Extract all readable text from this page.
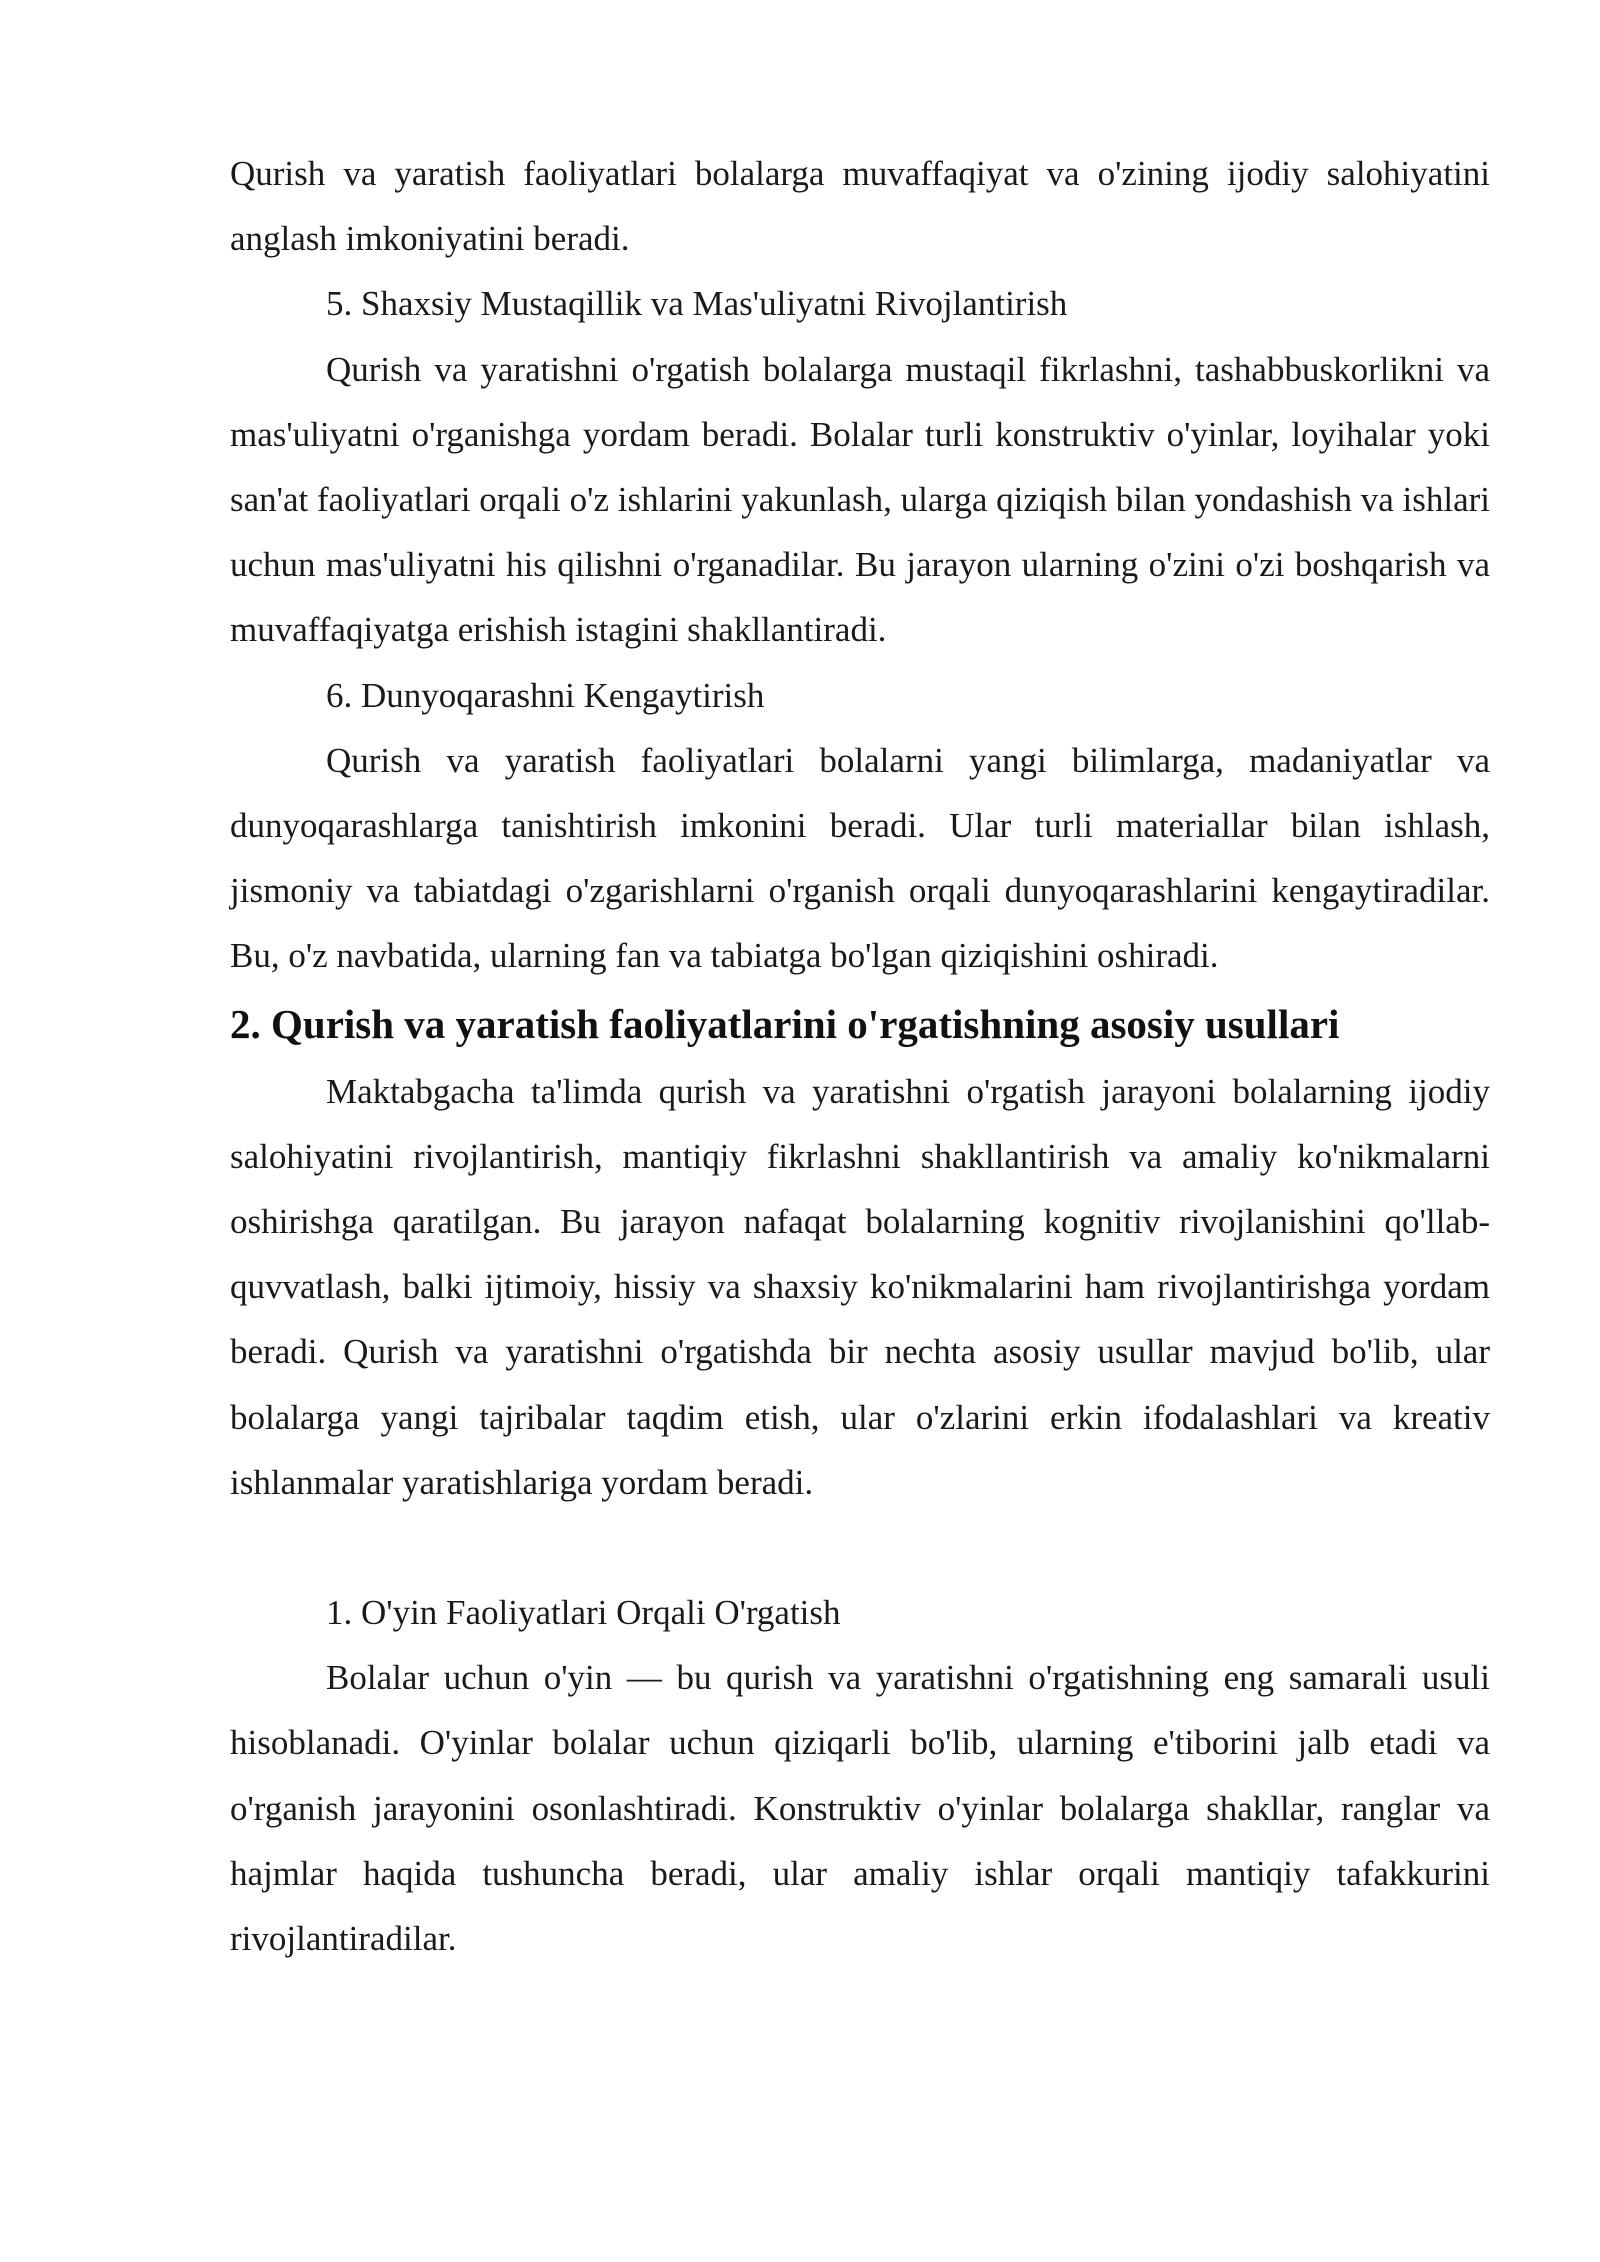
Qurish va yaratish faoliyatlari bolalarga muvaffaqiyat va o'zining ijodiy salohiyatini anglash imkoniyatini beradi.

5. Shaxsiy Mustaqillik va Mas'uliyatni Rivojlantirish

Qurish va yaratishni o'rgatish bolalarga mustaqil fikrlashni, tashabbuskorlikni va mas'uliyatni o'rganishga yordam beradi. Bolalar turli konstruktiv o'yinlar, loyihalar yoki san'at faoliyatlari orqali o'z ishlarini yakunlash, ularga qiziqish bilan yondashish va ishlari uchun mas'uliyatni his qilishni o'rganadilar. Bu jarayon ularning o'zini o'zi boshqarish va muvaffaqiyatga erishish istagini shakllantiradi.

6. Dunyoqarashni Kengaytirish

Qurish va yaratish faoliyatlari bolalarni yangi bilimlarga, madaniyatlar va dunyoqarashlarga tanishtirish imkonini beradi. Ular turli materiallar bilan ishlash, jismoniy va tabiatdagi o'zgarishlarni o'rganish orqali dunyoqarashlarini kengaytiradilar. Bu, o'z navbatida, ularning fan va tabiatga bo'lgan qiziqishini oshiradi.

2. Qurish va yaratish faoliyatlarini o'rgatishning asosiy usullari

Maktabgacha ta'limda qurish va yaratishni o'rgatish jarayoni bolalarning ijodiy salohiyatini rivojlantirish, mantiqiy fikrlashni shakllantirish va amaliy ko'nikmalarni oshirishga qaratilgan. Bu jarayon nafaqat bolalarning kognitiv rivojlanishini qo'llab-quvvatlash, balki ijtimoiy, hissiy va shaxsiy ko'nikmalarini ham rivojlantirishga yordam beradi. Qurish va yaratishni o'rgatishda bir nechta asosiy usullar mavjud bo'lib, ular bolalarga yangi tajribalar taqdim etish, ular o'zlarini erkin ifodalashlari va kreativ ishlanmalar yaratishlariga yordam beradi.

1. O'yin Faoliyatlari Orqali O'rgatish

Bolalar uchun o'yin — bu qurish va yaratishni o'rgatishning eng samarali usuli hisoblanadi. O'yinlar bolalar uchun qiziqarli bo'lib, ularning e'tiborini jalb etadi va o'rganish jarayonini osonlashtiradi. Konstruktiv o'yinlar bolalarga shakllar, ranglar va hajmlar haqida tushuncha beradi, ular amaliy ishlar orqali mantiqiy tafakkurini rivojlantiradilar.
